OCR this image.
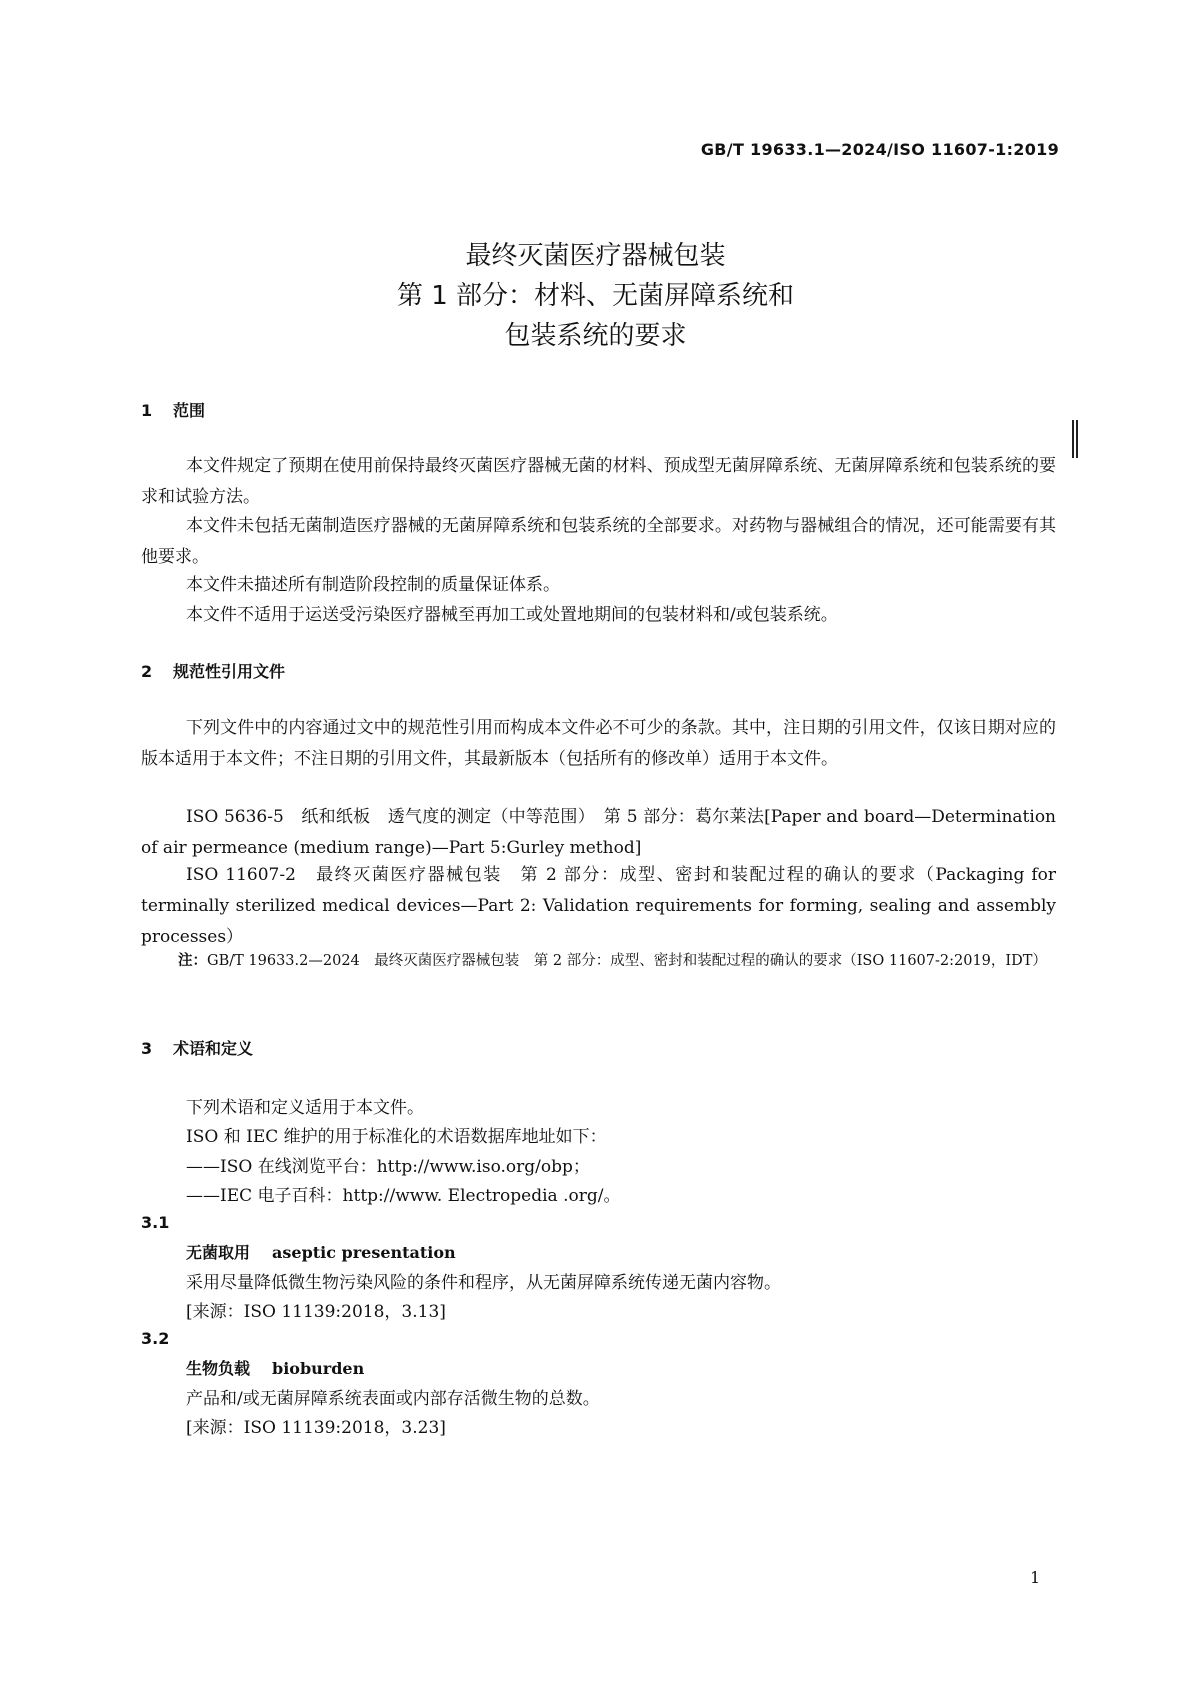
GB/T 19633.1—2024/ISO 11607-1:2019
最终灭菌医疗器械包装
第 1 部分：材料、无菌屏障系统和
包装系统的要求
1 范围
本文件规定了预期在使用前保持最终灭菌医疗器械无菌的材料、预成型无菌屏障系统、无菌屏障系统和包装系统的要求和试验方法。
本文件未包括无菌制造医疗器械的无菌屏障系统和包装系统的全部要求。对药物与器械组合的情况，还可能需要有其他要求。
本文件未描述所有制造阶段控制的质量保证体系。
本文件不适用于运送受污染医疗器械至再加工或处置地期间的包装材料和/或包装系统。
2 规范性引用文件
下列文件中的内容通过文中的规范性引用而构成本文件必不可少的条款。其中，注日期的引用文件，仅该日期对应的版本适用于本文件；不注日期的引用文件，其最新版本（包括所有的修改单）适用于本文件。
ISO 5636-5　纸和纸板　透气度的测定（中等范围）　第 5 部分：葛尔莱法[Paper and board—Determination of air permeance (medium range)—Part 5:Gurley method]
ISO 11607-2　最终灭菌医疗器械包装　第 2 部分：成型、密封和装配过程的确认的要求（Packaging for terminally sterilized medical devices—Part 2: Validation requirements for forming, sealing and assembly processes）
注：GB/T 19633.2—2024　最终灭菌医疗器械包装　第 2 部分：成型、密封和装配过程的确认的要求（ISO 11607-2:2019，IDT）
3 术语和定义
下列术语和定义适用于本文件。
ISO 和 IEC 维护的用于标准化的术语数据库地址如下：
——ISO 在线浏览平台：http://www.iso.org/obp；
——IEC 电子百科：http://www. Electropedia .org/。
3.1
无菌取用 aseptic presentation
采用尽量降低微生物污染风险的条件和程序，从无菌屏障系统传递无菌内容物。
[来源：ISO 11139:2018，3.13]
3.2
生物负载 bioburden
产品和/或无菌屏障系统表面或内部存活微生物的总数。
[来源：ISO 11139:2018，3.23]
1
